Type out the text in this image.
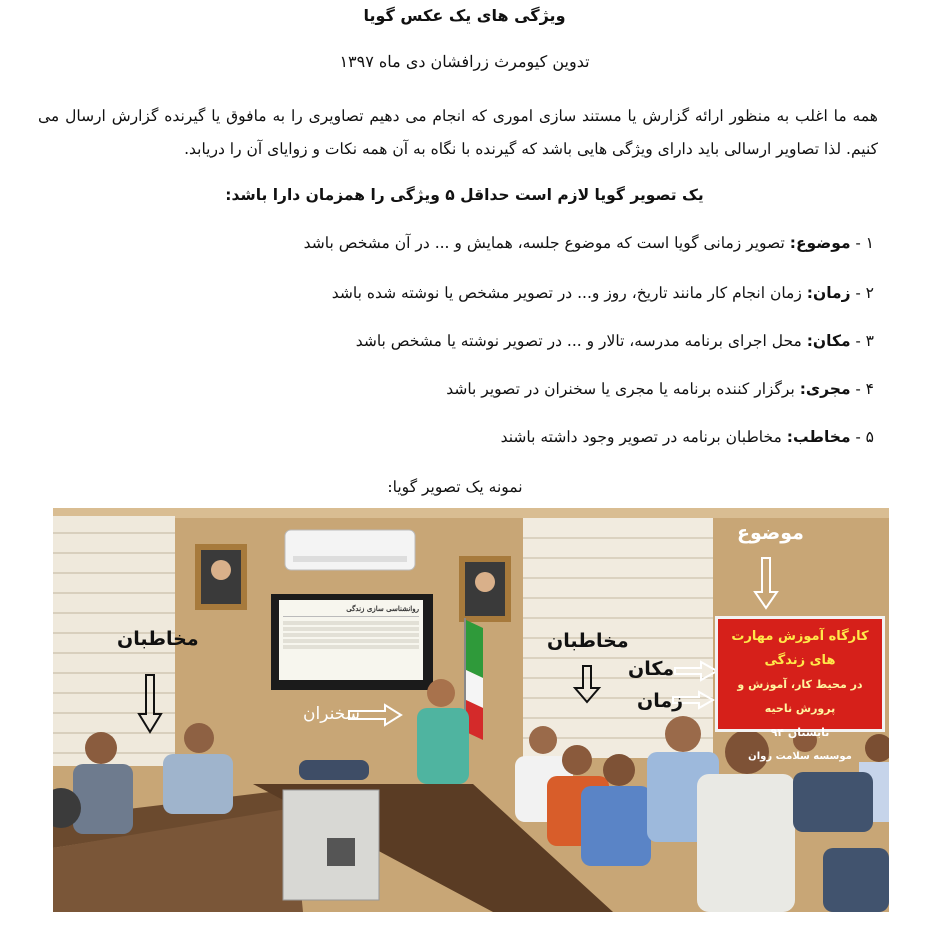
ویژگی های یک عکس گویا
تدوین کیومرث زرافشان دی ماه ۱۳۹۷
همه ما اغلب به منظور ارائه گزارش یا مستند سازی اموری که انجام می دهیم تصاویری را به مافوق یا گیرنده گزارش ارسال می کنیم. لذا تصاویر ارسالی باید دارای ویژگی هایی باشد که گیرنده با نگاه به آن همه نکات و زوایای آن را دریابد.
یک تصویر گویا لازم است حداقل ۵ ویژگی را همزمان دارا باشد:
۱ - موضوع: تصویر زمانی گویا است که موضوع جلسه، همایش و ... در آن مشخص باشد
۲ - زمان: زمان انجام کار مانند تاریخ، روز و... در تصویر مشخص یا نوشته شده باشد
۳ - مکان: محل اجرای برنامه مدرسه، تالار و ... در تصویر نوشته یا مشخص باشد
۴ - مجری: برگزار کننده برنامه یا مجری یا سخنران در تصویر باشد
۵ - مخاطب: مخاطبان برنامه در تصویر وجود داشته باشند
نمونه یک تصویر گویا:
روانشناسی سازی زندگی
کارگاه آموزش مهارت های زندگی
در محیط کار، آموزش و پرورش ناحیه
تابستان ۹۴
موسسه سلامت روان
موضوع
مخاطبان	مخاطبان
مکان
زمان
سخنران
